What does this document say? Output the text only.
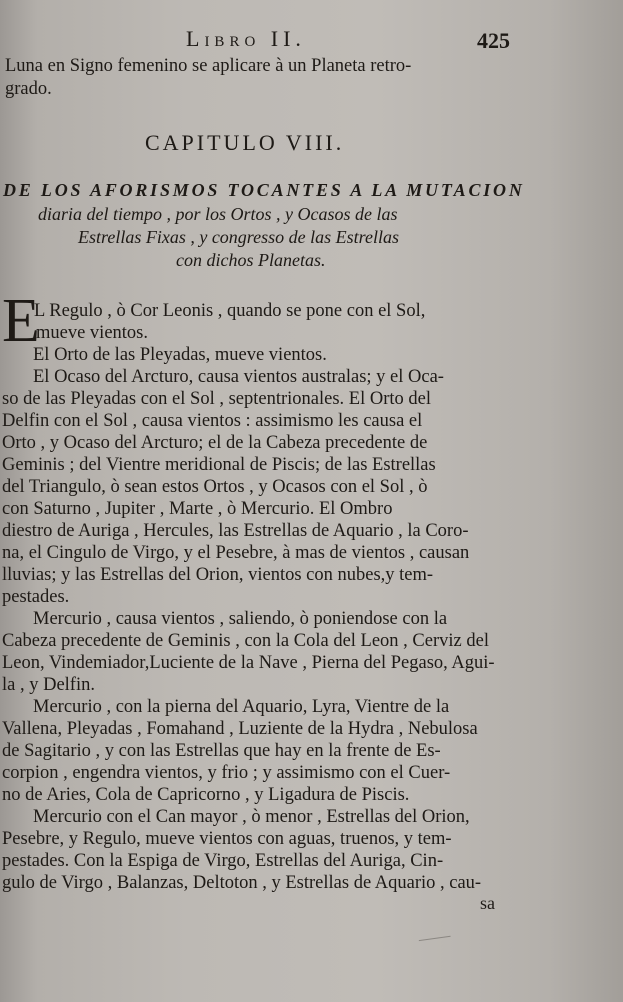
Libro II.	425
Luna en Signo femenino se aplicare à un Planeta retro-
grado.
CAPITULO VIII.
DE LOS AFORISMOS TOCANTES A LA MUTACION
diaria del tiempo , por los Ortos , y Ocasos de las
Estrellas Fixas , y congresso de las Estrellas
con dichos Planetas.
E
L Regulo , ò Cor Leonis , quando se pone con el Sol,
mueve vientos.
El Orto de las Pleyadas, mueve vientos.
El Ocaso del Arcturo, causa vientos australas; y el Oca-
so de las Pleyadas con el Sol , septentrionales. El Orto del
Delfin con el Sol , causa vientos : assimismo les causa el
Orto , y Ocaso del Arcturo; el de la Cabeza precedente de
Geminis ; del Vientre meridional de Piscis; de las Estrellas
del Triangulo, ò sean estos Ortos , y Ocasos con el Sol , ò
con Saturno , Jupiter , Marte , ò Mercurio. El Ombro
diestro de Auriga , Hercules, las Estrellas de Aquario , la Coro-
na, el Cingulo de Virgo, y el Pesebre, à mas de vientos , causan
lluvias; y las Estrellas del Orion, vientos con nubes,y tem-
pestades.
Mercurio , causa vientos , saliendo, ò poniendose con la
Cabeza precedente de Geminis , con la Cola del Leon , Cerviz del
Leon, Vindemiador,Luciente de la Nave , Pierna del Pegaso, Agui-
la , y Delfin.
Mercurio , con la pierna del Aquario, Lyra, Vientre de la
Vallena, Pleyadas , Fomahand , Luziente de la Hydra , Nebulosa
de Sagitario , y con las Estrellas que hay en la frente de Es-
corpion , engendra vientos, y frio ; y assimismo con el Cuer-
no de Aries, Cola de Capricorno , y Ligadura de Piscis.
Mercurio con el Can mayor , ò menor , Estrellas del Orion,
Pesebre, y Regulo, mueve vientos con aguas, truenos, y tem-
pestades. Con la Espiga de Virgo, Estrellas del Auriga, Cin-
gulo de Virgo , Balanzas, Deltoton , y Estrellas de Aquario , cau-
sa
